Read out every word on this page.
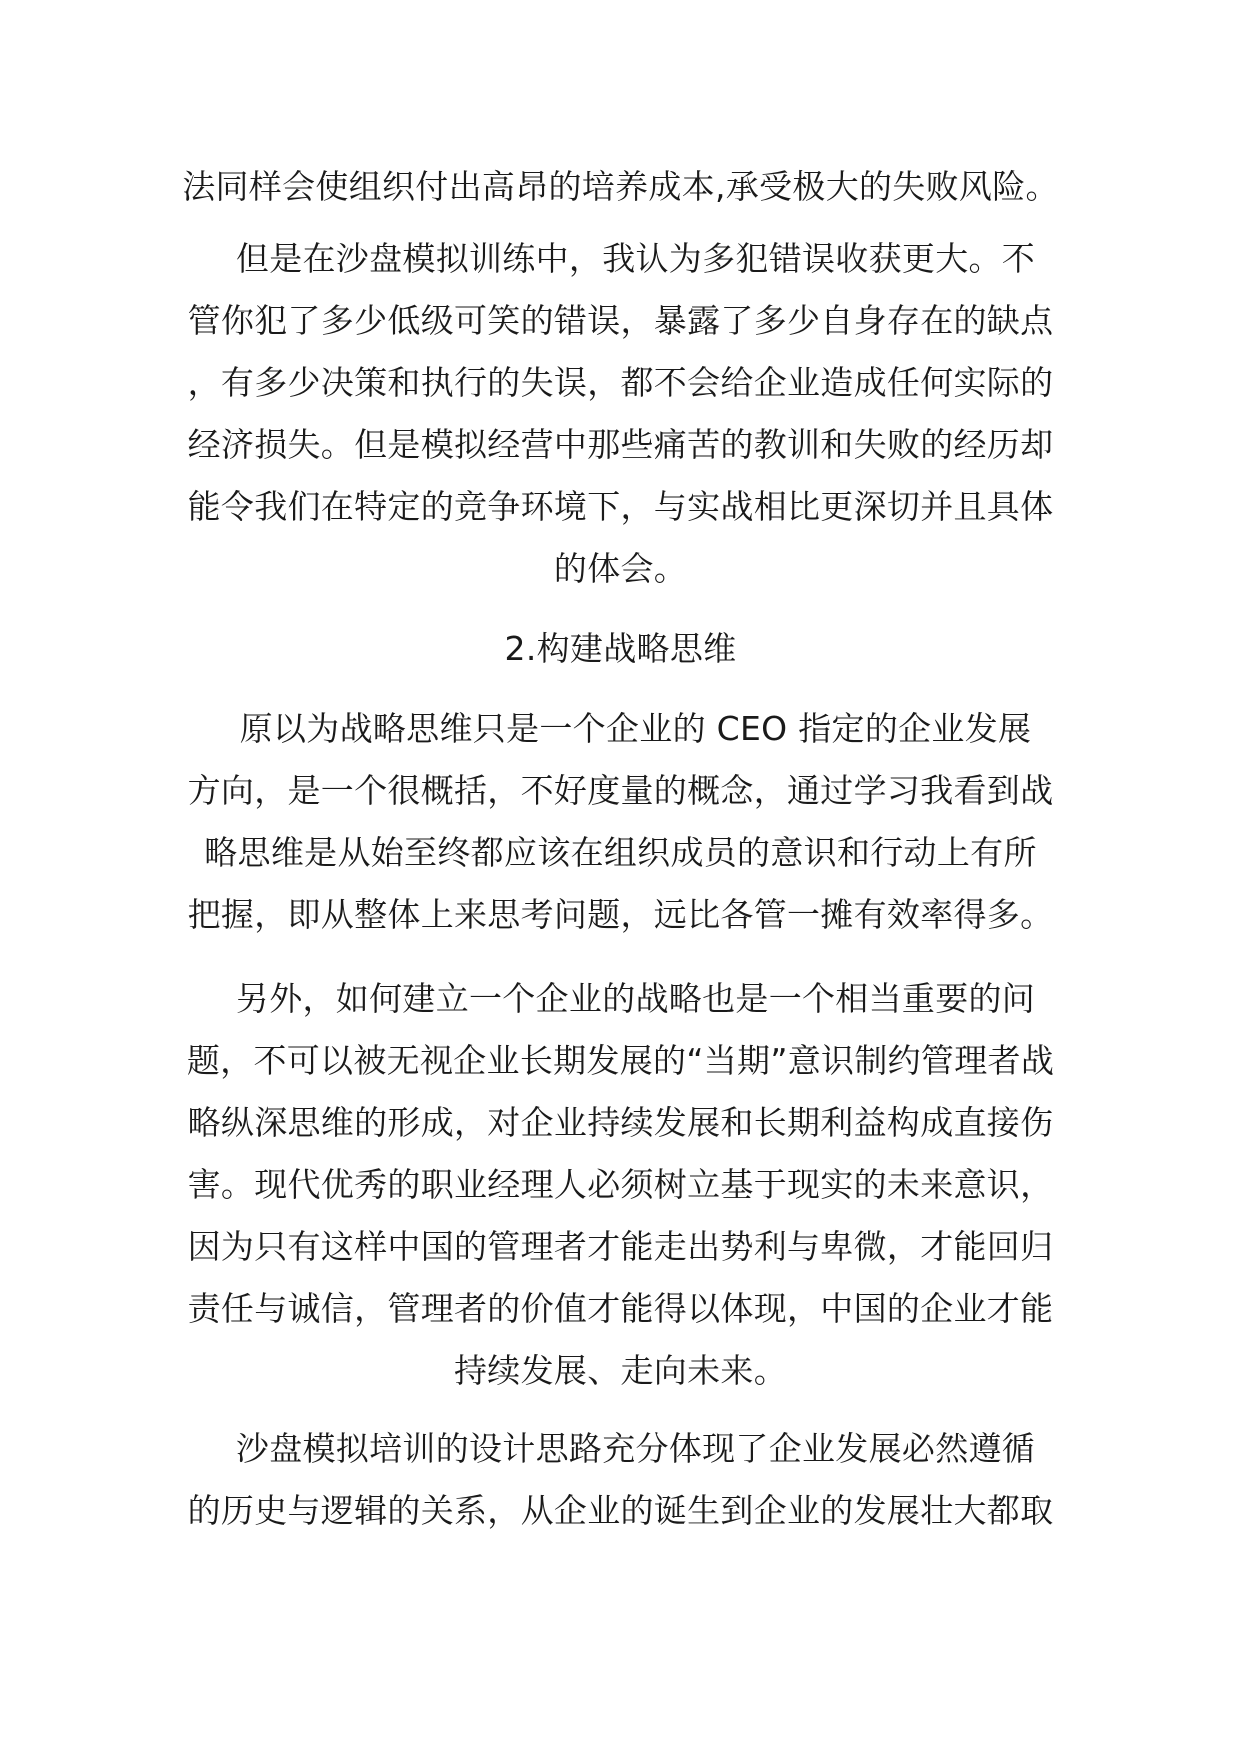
法同样会使组织付出高昂的培养成本,承受极大的失败风险。
但是在沙盘模拟训练中，我认为多犯错误收获更大。不
管你犯了多少低级可笑的错误，暴露了多少自身存在的缺点
，有多少决策和执行的失误，都不会给企业造成任何实际的
经济损失。但是模拟经营中那些痛苦的教训和失败的经历却
能令我们在特定的竞争环境下，与实战相比更深切并且具体
的体会。
2.构建战略思维
原以为战略思维只是一个企业的 CEO 指定的企业发展
方向，是一个很概括，不好度量的概念，通过学习我看到战
略思维是从始至终都应该在组织成员的意识和行动上有所
把握，即从整体上来思考问题，远比各管一摊有效率得多。
另外，如何建立一个企业的战略也是一个相当重要的问
题，不可以被无视企业长期发展的“当期”意识制约管理者战
略纵深思维的形成，对企业持续发展和长期利益构成直接伤
害。现代优秀的职业经理人必须树立基于现实的未来意识，
因为只有这样中国的管理者才能走出势利与卑微，才能回归
责任与诚信，管理者的价值才能得以体现，中国的企业才能
持续发展、走向未来。
沙盘模拟培训的设计思路充分体现了企业发展必然遵循
的历史与逻辑的关系，从企业的诞生到企业的发展壮大都取
